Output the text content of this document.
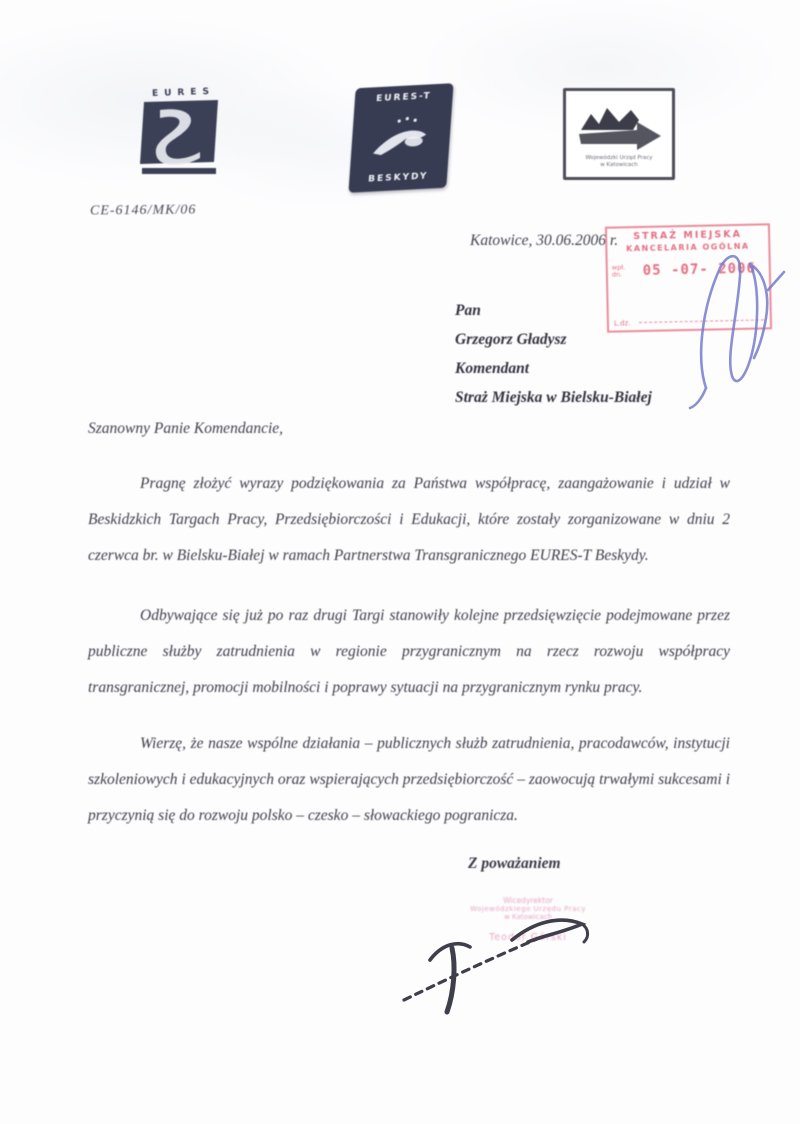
EURES	EURES-T
BESKYDY
Wojewódzki Urząd Pracy
w Katowicach
CE-6146/MK/06
Katowice, 30.06.2006 r.	STRAŻ MIEJSKA
KANCELARIA OGÓLNA
wpł. dn.	05 -07- 2006
L.dz.
Pan
Grzegorz Gładysz
Komendant
Straż Miejska w Bielsku-Białej
Szanowny Panie Komendancie,
Pragnę złożyć wyrazy podziękowania za Państwa współpracę, zaangażowanie i udział w Beskidzkich Targach Pracy, Przedsiębiorczości i Edukacji, które zostały zorganizowane w dniu 2 czerwca br. w Bielsku-Białej w ramach Partnerstwa Transgranicznego EURES-T Beskydy.
Odbywające się już po raz drugi Targi stanowiły kolejne przedsięwzięcie podejmowane przez publiczne służby zatrudnienia w regionie przygranicznym na rzecz rozwoju współpracy transgranicznej, promocji mobilności i poprawy sytuacji na przygranicznym rynku pracy.
Wierzę, że nasze wspólne działania – publicznych służb zatrudnienia, pracodawców, instytucji szkoleniowych i edukacyjnych oraz wspierających przedsiębiorczość – zaowocują trwałymi sukcesami i przyczynią się do rozwoju polsko – czesko – słowackiego pogranicza.
Z poważaniem
Wicedyrektor
Wojewódzkiego Urzędu Pracy
w Katowicach
Teodor Górski
